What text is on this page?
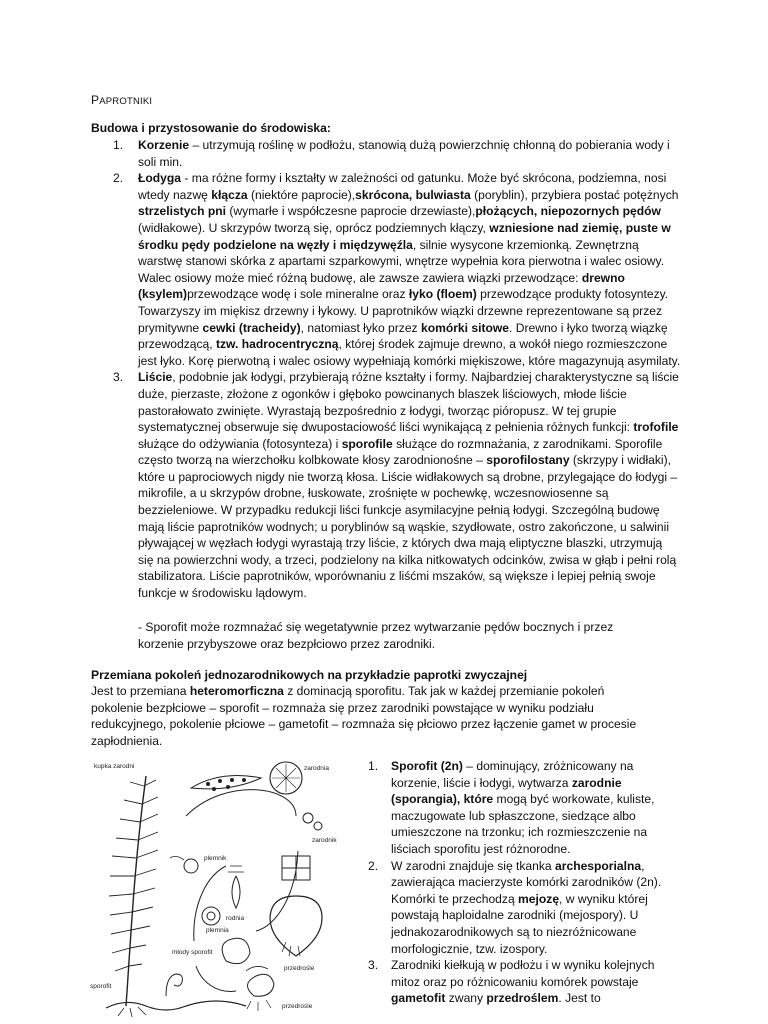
PAPROTNIKI
Budowa i przystosowanie do środowiska:
1. Korzenie – utrzymują roślinę w podłożu, stanowią dużą powierzchnię chłonną do pobierania wody i soli min.
2. Łodyga - ma różne formy i kształty w zależności od gatunku. Może być skrócona, podziemna, nosi wtedy nazwę kłącza (niektóre paprocie),skrócona, bulwiasta (poryblin), przybiera postać potężnych strzelistych pni (wymarłe i współczesne paprocie drzewiaste),płożących, niepozornych pędów (widłakowe). U skrzypów tworzą się, oprócz podziemnych kłączy, wzniesione nad ziemię, puste w środku pędy podzielone na węzły i międzywęźla, silnie wysycone krzemionką. Zewnętrzną warstwę stanowi skórka z apartami szparkowymi, wnętrze wypełnia kora pierwotna i walec osiowy. Walec osiowy może mieć różną budowę, ale zawsze zawiera wiązki przewodzące: drewno (ksylem)przewodzące wodę i sole mineralne oraz łyko (floem) przewodzące produkty fotosyntezy. Towarzyszy im miękisz drzewny i łykowy. U paprotników wiązki drzewne reprezentowane są przez prymitywne cewki (tracheidy), natomiast łyko przez komórki sitowe. Drewno i łyko tworzą wiązkę przewodzącą, tzw. hadrocentryczną, której środek zajmuje drewno, a wokół niego rozmieszczone jest łyko. Korę pierwotną i walec osiowy wypełniają komórki miękiszowe, które magazynują asymilaty.
3. Liście, podobnie jak łodygi, przybierają różne kształty i formy. Najbardziej charakterystyczne są liście duże, pierzaste, złożone z ogonków i głęboko powcinanych blaszek liściowych, młode liście pastorałowato zwinięte. Wyrastają bezpośrednio z łodygi, tworząc pióropusz. W tej grupie systematycznej obserwuje się dwupostaciowość liści wynikającą z pełnienia różnych funkcji: trofofile służące do odżywiania (fotosynteza) i sporofile służące do rozmnażania, z zarodnikami. Sporofile często tworzą na wierzchołku kolbkowate kłosy zarodnionośne – sporofilostany (skrzypy i widłaki), które u paprociowych nigdy nie tworzą kłosa. Liście widłakowych są drobne, przylegające do łodygi – mikrofile, a u skrzypów drobne, łuskowate, zrośnięte w pochewkę, wczesnowiosenne są bezzieleniowe. W przypadku redukcji liści funkcje asymilacyjne pełnią łodygi. Szczególną budowę mają liście paprotników wodnych; u poryblinów są wąskie, szydłowate, ostro zakończone, u salwinii pływającej w węzłach łodygi wyrastają trzy liście, z których dwa mają eliptyczne blaszki, utrzymują się na powierzchni wody, a trzeci, podzielony na kilka nitkowatych odcinków, zwisa w głąb i pełni rolą stabilizatora. Liście paprotników, wporównaniu z liśćmi mszaków, są większe i lepiej pełnią swoje funkcje w środowisku lądowym.
- Sporofit może rozmnażać się wegetatywnie przez wytwarzanie pędów bocznych i przez korzenie przybyszowe oraz bezpłciowo przez zarodniki.
Przemiana pokoleń jednozarodnikowych na przykładzie paprotki zwyczajnej
Jest to przemiana heteromorficzna z dominacją sporofitu. Tak jak w każdej przemianie pokoleń pokolenie bezpłciowe – sporofit – rozmnaża się przez zarodniki powstające w wyniku podziału redukcyjnego, pokolenie płciowe – gametofit – rozmnaża się płciowo przez łączenie gamet w procesie zapłodnienia.
kupka zarodni	zarodnia
zarodnik
plemnik
rodnia
plemnia
młody sporofit
sporofit
przedrośle
przedrośle
1. Sporofit (2n) – dominujący, zróżnicowany na korzenie, liście i łodygi, wytwarza zarodnie (sporangia), które mogą być workowate, kuliste, maczugowate lub spłaszczone, siedzące albo umieszczone na trzonku; ich rozmieszczenie na liściach sporofitu jest różnorodne.
2. W zarodni znajduje się tkanka archesporialna, zawierająca macierzyste komórki zarodników (2n). Komórki te przechodzą mejozę, w wyniku której powstają haploidalne zarodniki (mejospory). U jednakozarodnikowych są to niezróżnicowane morfologicznie, tzw. izospory.
3. Zarodniki kiełkują w podłożu i w wyniku kolejnych mitoz oraz po różnicowaniu komórek powstaje gametofit zwany przedroślem. Jest to
